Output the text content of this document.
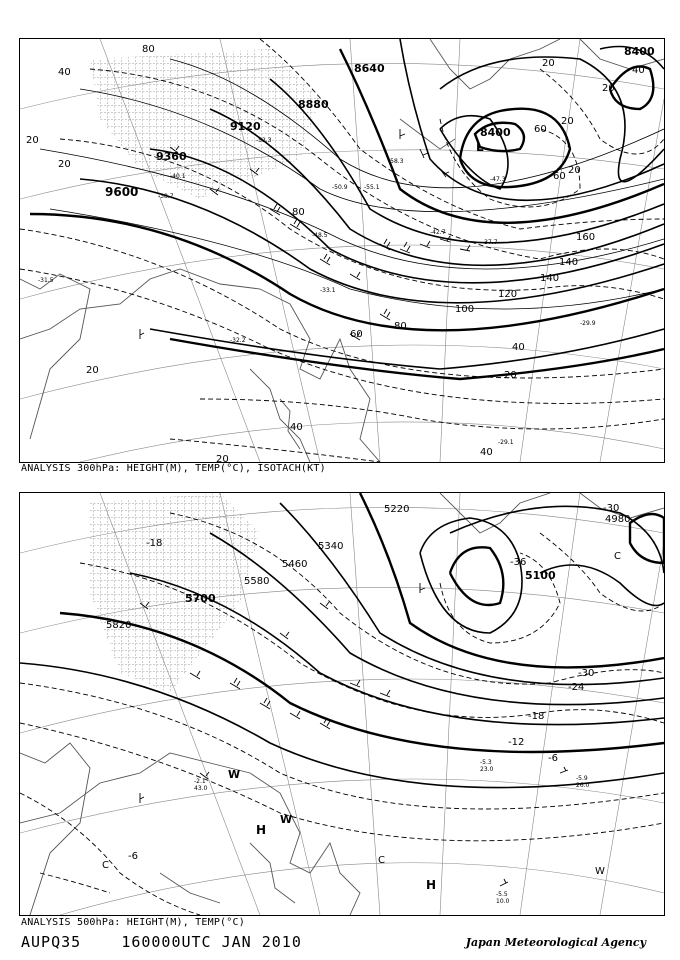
9600
9360
9120
8880
8640
8400
8400
40
20
20
80
80
160
140
140
120
100
80
60
40
20
20
40
20
40
60
20
60
20
20
40
20
-31.5
-32.2
-33.1
-38.7
-40.1
-48.5
-50.9
-52.3
-55.1
-58.3
-29.9
-29.1
-37.7
-42.7
-47.3
L
ANALYSIS 300hPa: HEIGHT(M), TEMP(°C), ISOTACH(KT)
5820
5700
5580
5460
5340
5220
5100
4980
-18
-30
-36
-30
-24
-18
-12
-6
-6
W
H
W
C
H
W
C
C
-5.5
10.0
-5.9
26.0
-5.3
23.0
-2.1
43.0
ANALYSIS 500hPa: HEIGHT(M), TEMP(°C)
AUPQ35	160000UTC JAN 2010	Japan Meteorological Agency
